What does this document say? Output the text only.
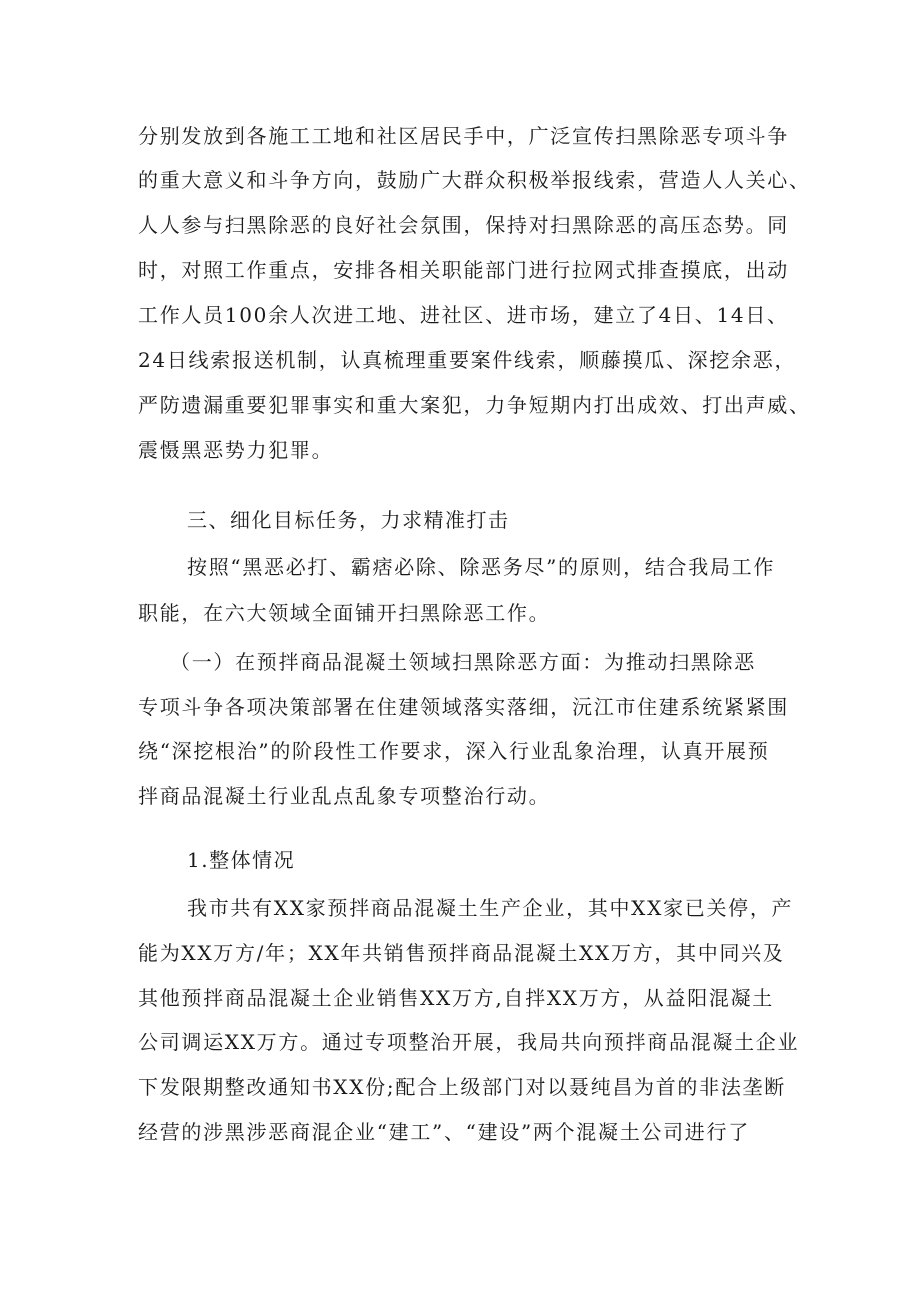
分别发放到各施工工地和社区居民手中，广泛宣传扫黑除恶专项斗争
的重大意义和斗争方向，鼓励广大群众积极举报线索，营造人人关心、
人人参与扫黑除恶的良好社会氛围，保持对扫黑除恶的高压态势。同
时，对照工作重点，安排各相关职能部门进行拉网式排查摸底，出动
工作人员100余人次进工地、进社区、进市场，建立了4日、14日、
24日线索报送机制，认真梳理重要案件线索，顺藤摸瓜、深挖余恶，
严防遗漏重要犯罪事实和重大案犯，力争短期内打出成效、打出声威、
震慑黑恶势力犯罪。
三、细化目标任务，力求精准打击
按照“黑恶必打、霸痞必除、除恶务尽”的原则，结合我局工作
职能，在六大领域全面铺开扫黑除恶工作。
（一）在预拌商品混凝土领域扫黑除恶方面：为推动扫黑除恶
专项斗争各项决策部署在住建领域落实落细，沅江市住建系统紧紧围
绕“深挖根治”的阶段性工作要求，深入行业乱象治理，认真开展预
拌商品混凝土行业乱点乱象专项整治行动。
1.整体情况
我市共有XX家预拌商品混凝土生产企业，其中XX家已关停，产
能为XX万方/年；XX年共销售预拌商品混凝土XX万方，其中同兴及
其他预拌商品混凝土企业销售XX万方,自拌XX万方，从益阳混凝土
公司调运XX万方。通过专项整治开展，我局共向预拌商品混凝土企业
下发限期整改通知书XX份;配合上级部门对以聂纯昌为首的非法垄断
经营的涉黑涉恶商混企业“建工”、“建设”两个混凝土公司进行了
